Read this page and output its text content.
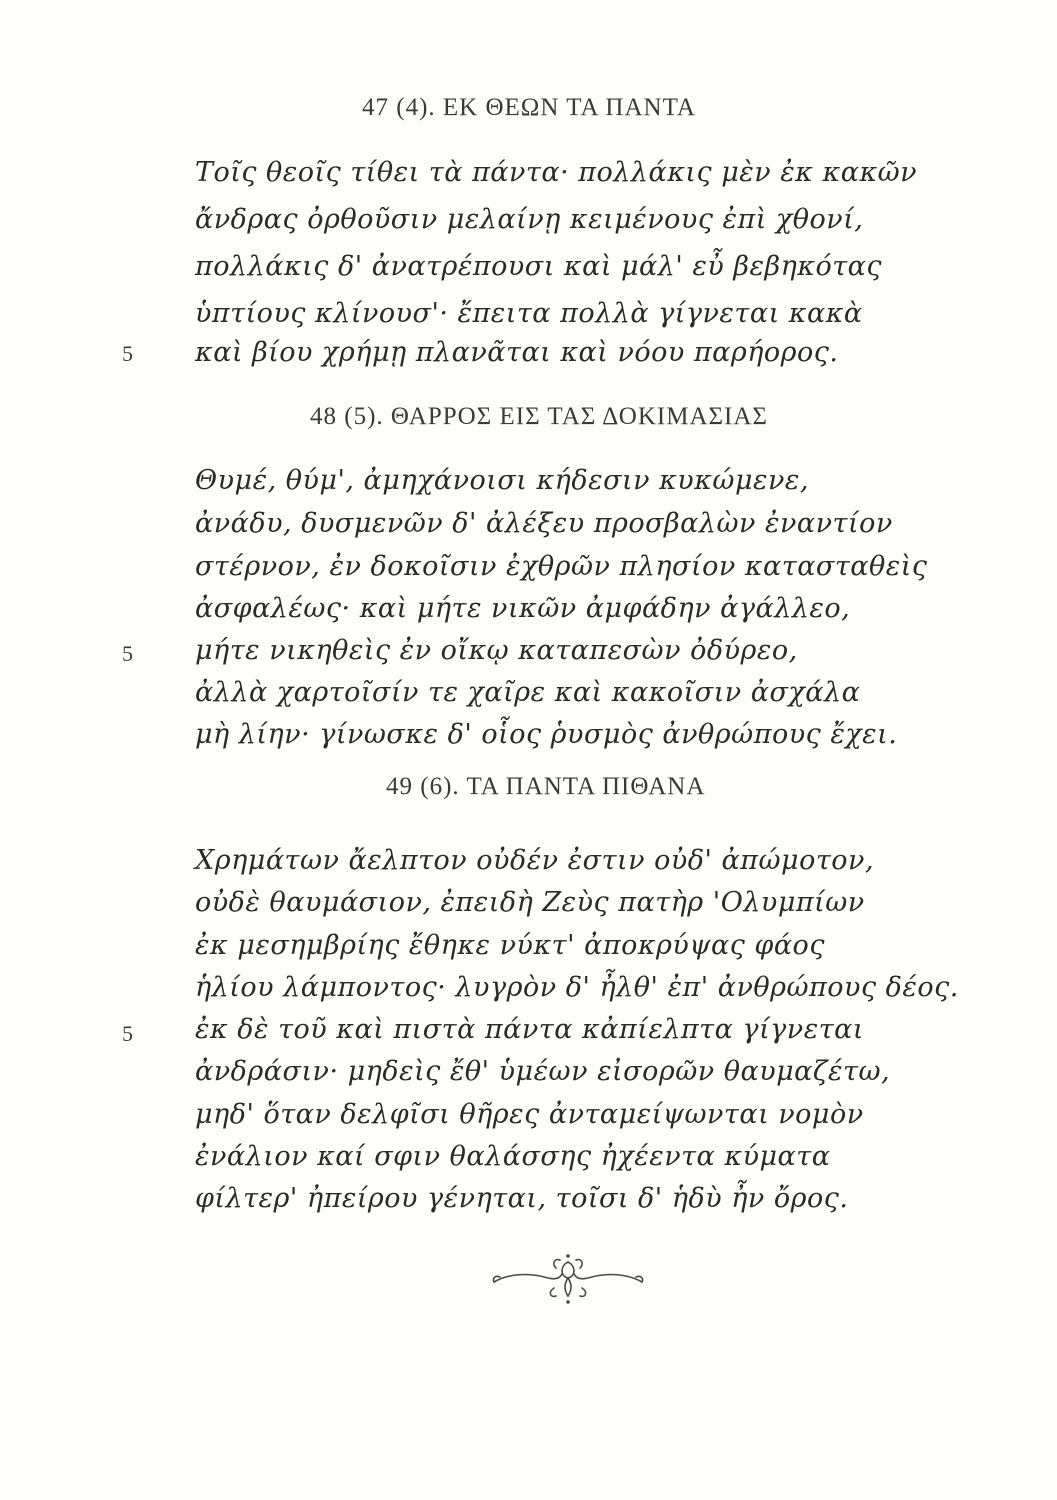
47 (4). ΕΚ ΘΕΩΝ ΤΑ ΠΑΝΤΑ
Τοῖς θεοῖς τίθει τὰ πάντα· πολλάκις μὲν ἐκ κακῶν
ἄνδρας ὀρθοῦσιν μελαίνῃ κειμένους ἐπὶ χθονί,
πολλάκις δ' ἀνατρέπουσι καὶ μάλ' εὖ βεβηκότας
ὑπτίους κλίνουσ'· ἔπειτα πολλὰ γίγνεται κακὰ
5 καὶ βίου χρήμῃ πλανᾶται καὶ νόου παρήορος.
48 (5). ΘΑΡΡΟΣ ΕΙΣ ΤΑΣ ΔΟΚΙΜΑΣΙΑΣ
Θυμέ, θύμ', ἀμηχάνοισι κήδεσιν κυκώμενε,
ἀνάδυ, δυσμενῶν δ' ἀλέξευ προσβαλὼν ἐναντίον
στέρνον, ἐν δοκοῖσιν ἐχθρῶν πλησίον κατασταθεὶς
ἀσφαλέως· καὶ μήτε νικῶν ἀμφάδην ἀγάλλεο,
5 μήτε νικηθεὶς ἐν οἴκῳ καταπεσὼν ὀδύρεο,
ἀλλὰ χαρτοῖσίν τε χαῖρε καὶ κακοῖσιν ἀσχάλα
μὴ λίην· γίνωσκε δ' οἷος ῥυσμὸς ἀνθρώπους ἔχει.
49 (6). ΤΑ ΠΑΝΤΑ ΠΙΘΑΝΑ
Χρημάτων ἄελπτον οὐδέν ἐστιν οὐδ' ἀπώμοτον,
οὐδὲ θαυμάσιον, ἐπειδὴ Ζεὺς πατὴρ 'Ολυμπίων
ἐκ μεσημβρίης ἔθηκε νύκτ' ἀποκρύψας φάος
ἡλίου λάμποντος· λυγρὸν δ' ἦλθ' ἐπ' ἀνθρώπους δέος.
5 ἐκ δὲ τοῦ καὶ πιστὰ πάντα κἀπίελπτα γίγνεται
ἀνδράσιν· μηδεὶς ἔθ' ὑμέων εἰσορῶν θαυμαζέτω,
μηδ' ὅταν δελφῖσι θῆρες ἀνταμείψωνται νομὸν
ἐνάλιον καί σφιν θαλάσσης ἠχέεντα κύματα
φίλτερ' ἠπείρου γένηται, τοῖσι δ' ἡδὺ ἦν ὄρος.
